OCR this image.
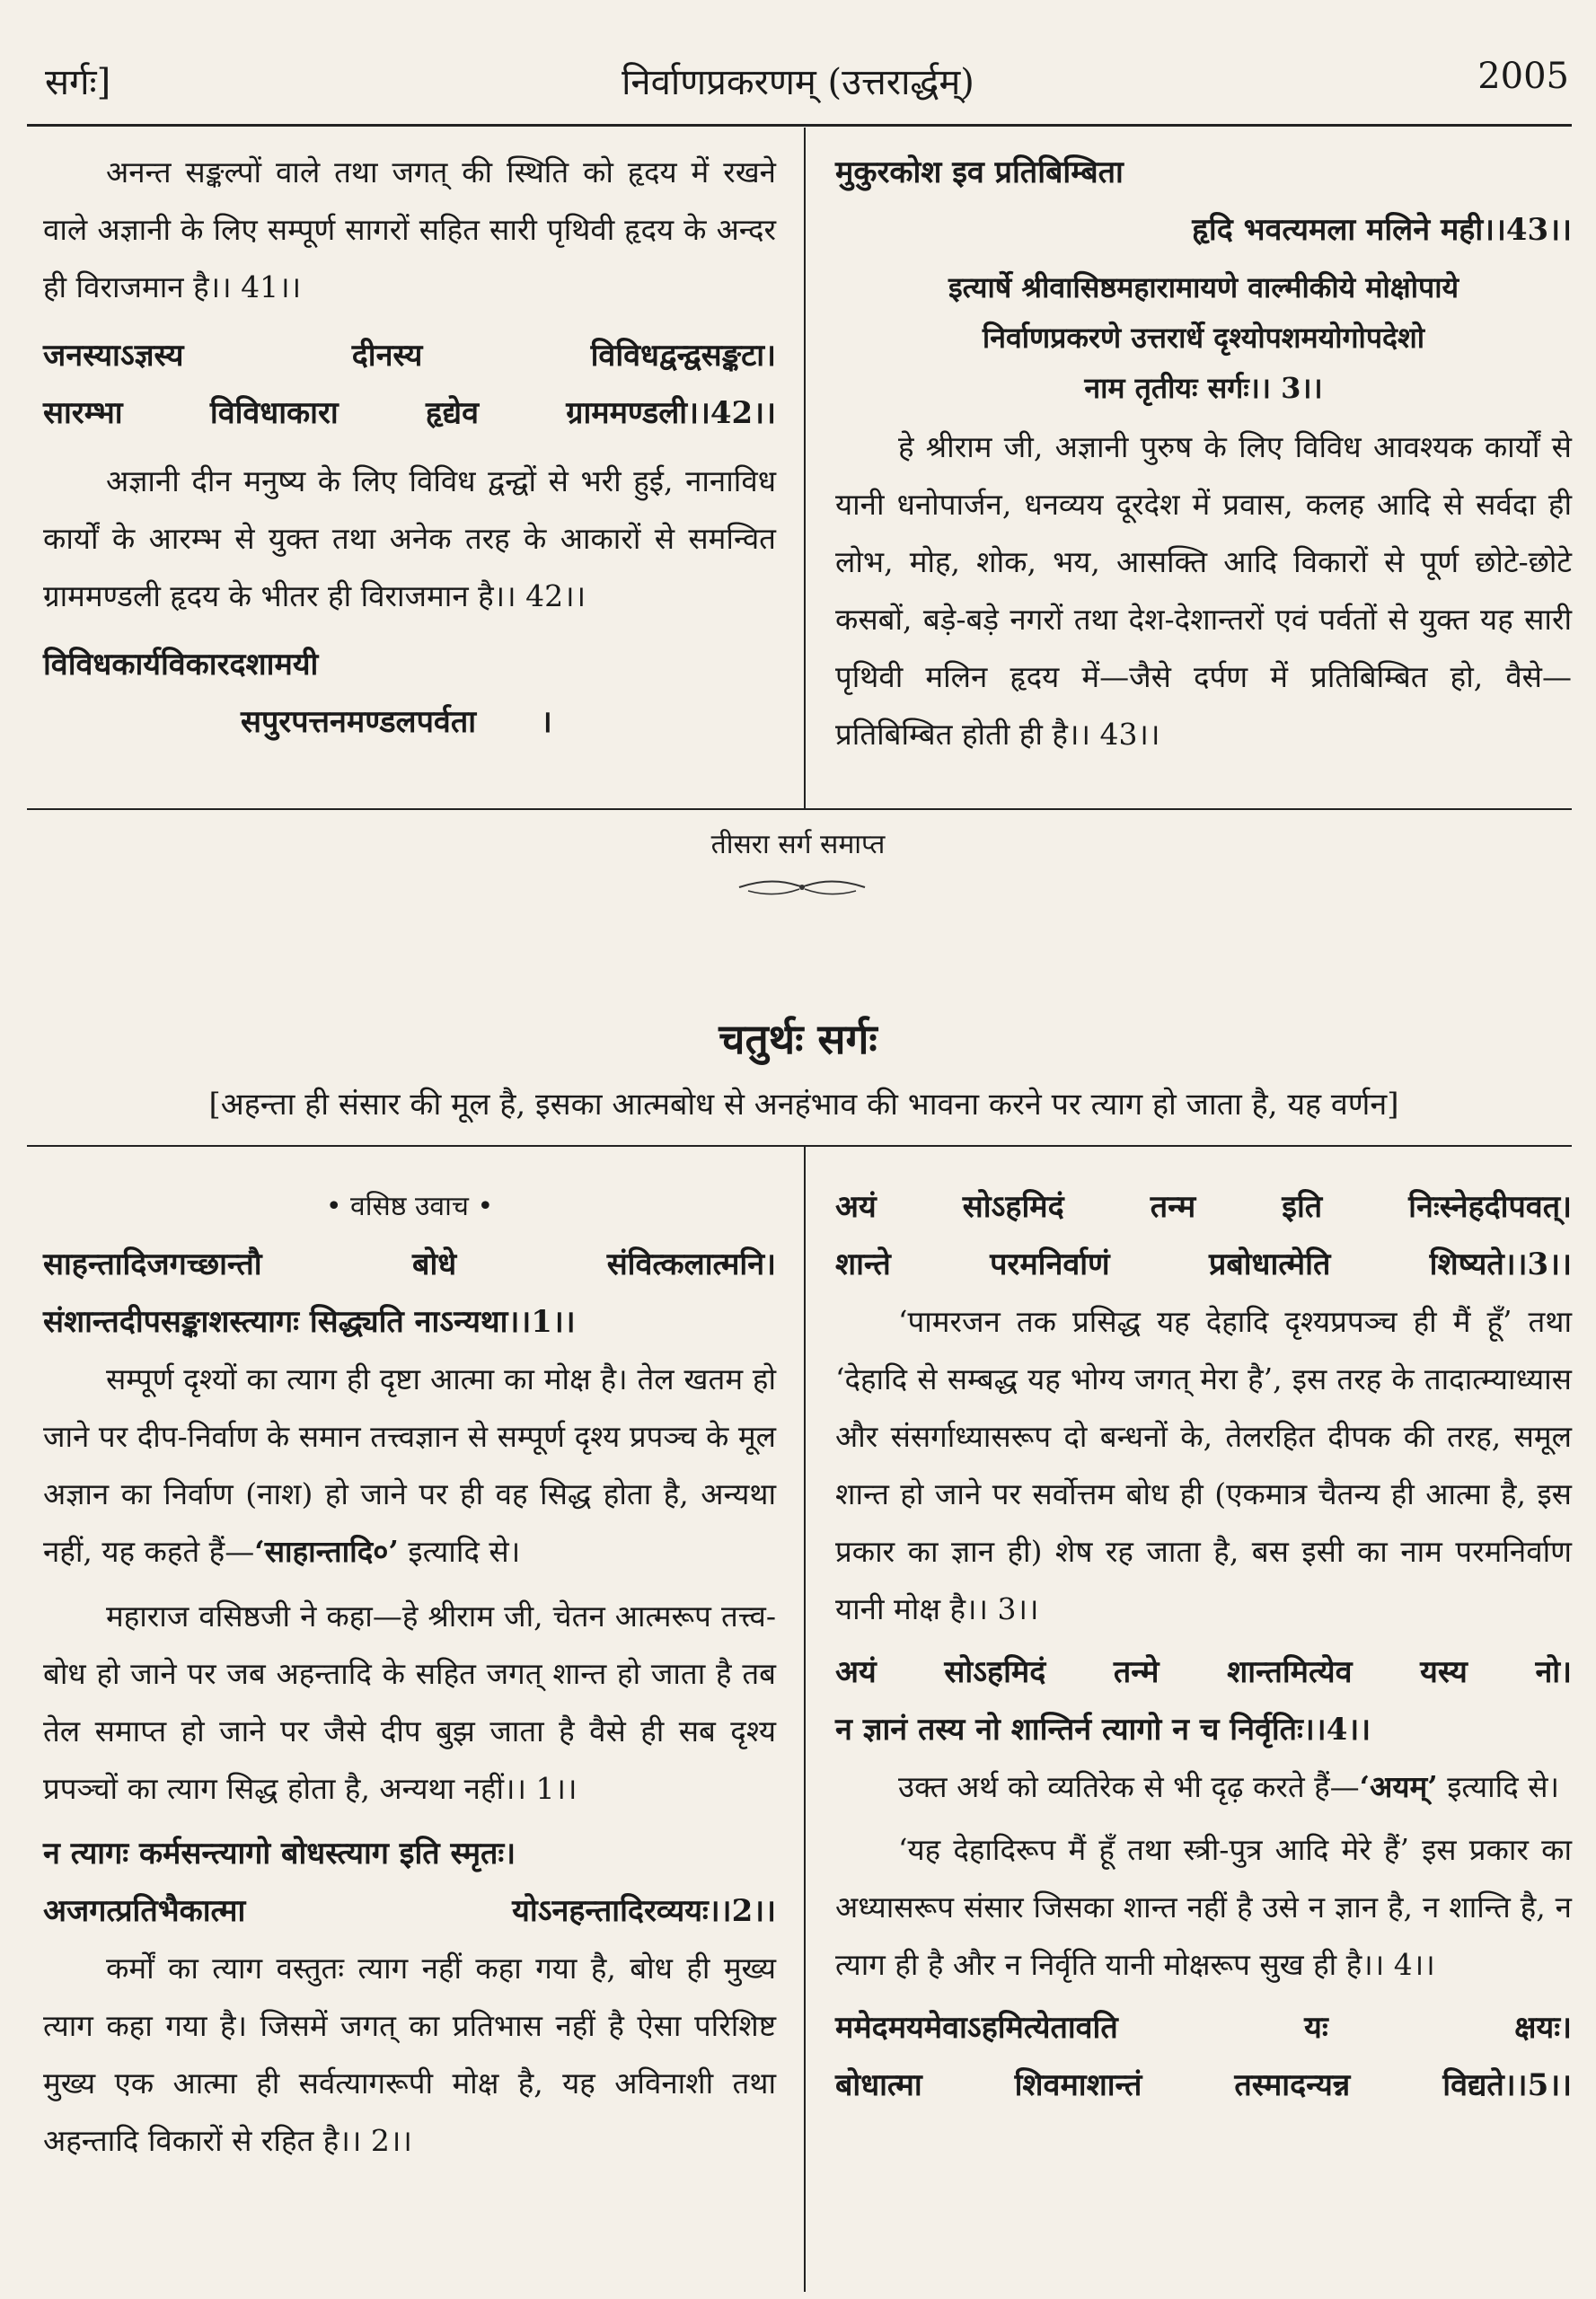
सर्गः]	निर्वाणप्रकरणम् (उत्तरार्द्धम्)	2005

अनन्त सङ्कल्पों वाले तथा जगत् की स्थिति को हृदय में रखने वाले अज्ञानी के लिए सम्पूर्ण सागरों सहित सारी पृथिवी हृदय के अन्दर ही विराजमान है।। 41।।

जनस्याऽज्ञस्य	दीनस्य	विविधद्वन्द्वसङ्कटा।
सारम्भा	विविधाकारा	हृद्येव	ग्राममण्डली।।42।।

अज्ञानी दीन मनुष्य के लिए विविध द्वन्द्वों से भरी हुई, नानाविध कार्यों के आरम्भ से युक्त तथा अनेक तरह के आकारों से समन्वित ग्राममण्डली हृदय के भीतर ही विराजमान है।। 42।।

विविधकार्यविकारदशामयी
सपुरपत्तनमण्डलपर्वता ।
मुकुरकोश इव प्रतिबिम्बिता
हृदि भवत्यमला मलिने मही।।43।।
इत्यार्षे श्रीवासिष्ठमहारामायणे वाल्मीकीये मोक्षोपाये
निर्वाणप्रकरणे उत्तरार्धे दृश्योपशमयोगोपदेशो
नाम तृतीयः सर्गः।। 3।।

हे श्रीराम जी, अज्ञानी पुरुष के लिए विविध आवश्यक कार्यों से यानी धनोपार्जन, धनव्यय दूरदेश में प्रवास, कलह आदि से सर्वदा ही लोभ, मोह, शोक, भय, आसक्ति आदि विकारों से पूर्ण छोटे-छोटे कसबों, बड़े-बड़े नगरों तथा देश-देशान्तरों एवं पर्वतों से युक्त यह सारी पृथिवी मलिन हृदय में—जैसे दर्पण में प्रतिबिम्बित हो, वैसे—प्रतिबिम्बित होती ही है।। 43।।

तीसरा सर्ग समाप्त
चतुर्थः सर्गः
[अहन्ता ही संसार की मूल है, इसका आत्मबोध से अनहंभाव की भावना करने पर त्याग हो जाता है, यह वर्णन]
• वसिष्ठ उवाच •
साहन्तादिजगच्छान्तौ	बोधे	संवित्कलात्मनि।
संशान्तदीपसङ्काशस्त्यागः सिद्ध्यति नाऽन्यथा।।1।।

सम्पूर्ण दृश्यों का त्याग ही दृष्टा आत्मा का मोक्ष है। तेल खतम हो जाने पर दीप-निर्वाण के समान तत्त्वज्ञान से सम्पूर्ण दृश्य प्रपञ्च के मूल अज्ञान का निर्वाण (नाश) हो जाने पर ही वह सिद्ध होता है, अन्यथा नहीं, यह कहते हैं—‘साहान्तादि०’ इत्यादि से।

महाराज वसिष्ठजी ने कहा—हे श्रीराम जी, चेतन आत्मरूप तत्त्व-बोध हो जाने पर जब अहन्तादि के सहित जगत् शान्त हो जाता है तब तेल समाप्त हो जाने पर जैसे दीप बुझ जाता है वैसे ही सब दृश्य प्रपञ्चों का त्याग सिद्ध होता है, अन्यथा नहीं।। 1।।

न त्यागः कर्मसन्त्यागो बोधस्त्याग इति स्मृतः।
अजगत्प्रतिभैकात्मा	योऽनहन्तादिरव्ययः।।2।।

कर्मों का त्याग वस्तुतः त्याग नहीं कहा गया है, बोध ही मुख्य त्याग कहा गया है। जिसमें जगत् का प्रतिभास नहीं है ऐसा परिशिष्ट मुख्य एक आत्मा ही सर्वत्यागरूपी मोक्ष है, यह अविनाशी तथा अहन्तादि विकारों से रहित है।। 2।।

अयं	सोऽहमिदं	तन्म	इति	निःस्नेहदीपवत्।
शान्ते	परमनिर्वाणं	प्रबोधात्मेति	शिष्यते।।3।।

‘पामरजन तक प्रसिद्ध यह देहादि दृश्यप्रपञ्च ही मैं हूँ’ तथा ‘देहादि से सम्बद्ध यह भोग्य जगत् मेरा है’, इस तरह के तादात्म्याध्यास और संसर्गाध्यासरूप दो बन्धनों के, तेलरहित दीपक की तरह, समूल शान्त हो जाने पर सर्वोत्तम बोध ही (एकमात्र चैतन्य ही आत्मा है, इस प्रकार का ज्ञान ही) शेष रह जाता है, बस इसी का नाम परमनिर्वाण यानी मोक्ष है।। 3।।

अयं सोऽहमिदं तन्मे शान्तमित्येव यस्य नो।
न ज्ञानं तस्य नो शान्तिर्न त्यागो न च निर्वृतिः।।4।।

उक्त अर्थ को व्यतिरेक से भी दृढ़ करते हैं—‘अयम्’ इत्यादि से।

‘यह देहादिरूप मैं हूँ तथा स्त्री-पुत्र आदि मेरे हैं’ इस प्रकार का अध्यासरूप संसार जिसका शान्त नहीं है उसे न ज्ञान है, न शान्ति है, न त्याग ही है और न निर्वृति यानी मोक्षरूप सुख ही है।। 4।।

ममेदमयमेवाऽहमित्येतावति	यः	क्षयः।
बोधात्मा	शिवमाशान्तं	तस्मादन्यन्न	विद्यते।।5।।
